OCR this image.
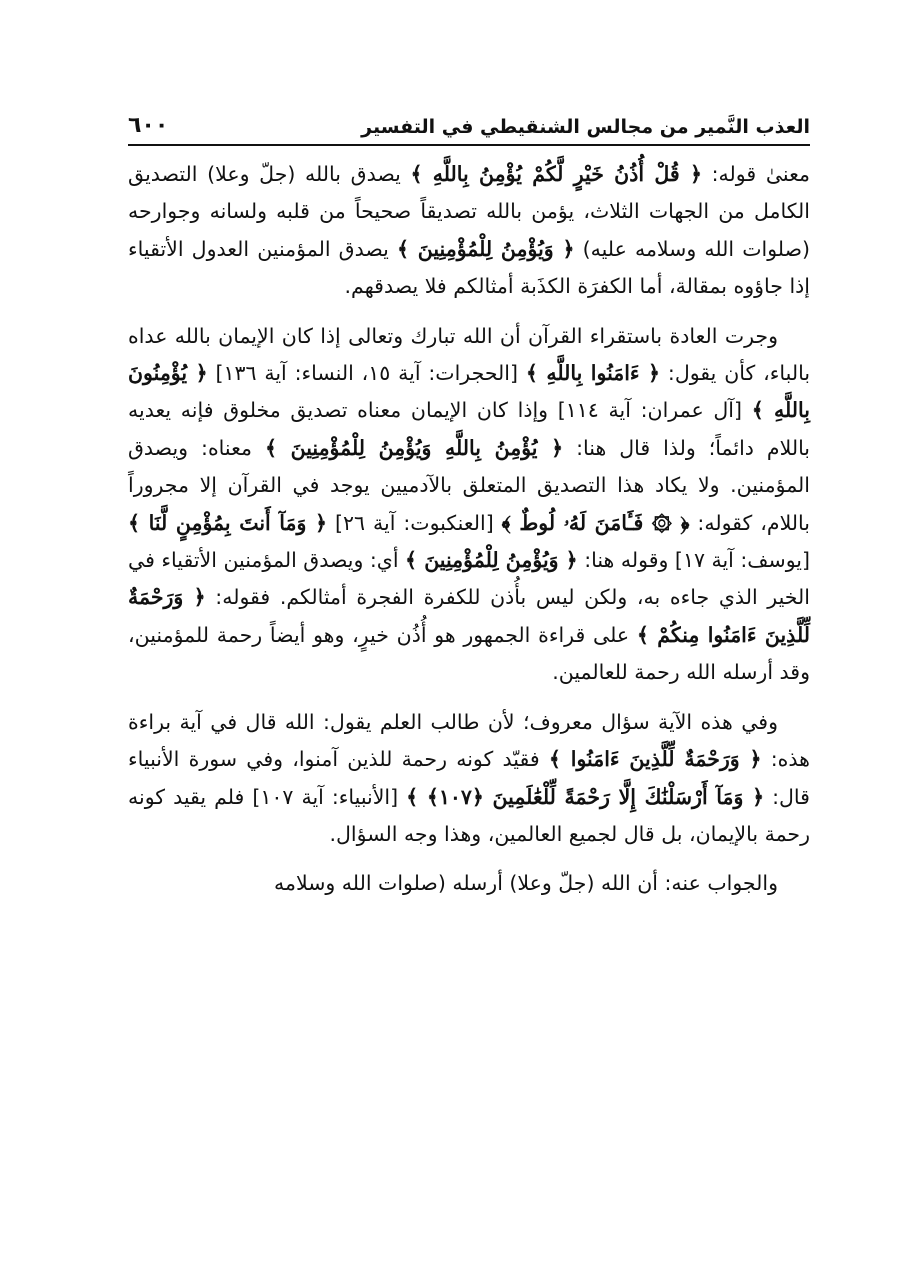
العذب النَّمير من مجالس الشنقيطي في التفسير
٦٠٠

معنىٰ قوله: ﴿ قُلْ أُذُنُ خَيْرٍ لَّكُمْ يُؤْمِنُ بِاللَّهِ ﴾ يصدق بالله (جلّ وعلا) التصديق الكامل من الجهات الثلاث، يؤمن بالله تصديقاً صحيحاً من قلبه ولسانه وجوارحه (صلوات الله وسلامه عليه) ﴿ وَيُؤْمِنُ لِلْمُؤْمِنِينَ ﴾ يصدق المؤمنين العدول الأتقياء إذا جاؤوه بمقالة، أما الكفرَة الكذَبة أمثالكم فلا يصدقهم.

وجرت العادة باستقراء القرآن أن الله تبارك وتعالى إذا كان الإيمان بالله عداه بالباء، كأن يقول: ﴿ ءَامَنُوا بِاللَّهِ ﴾ [الحجرات: آية ١٥، النساء: آية ١٣٦] ﴿ يُؤْمِنُونَ بِاللَّهِ ﴾ [آل عمران: آية ١١٤] وإذا كان الإيمان معناه تصديق مخلوق فإنه يعديه باللام دائماً؛ ولذا قال هنا: ﴿ يُؤْمِنُ بِاللَّهِ وَيُؤْمِنُ لِلْمُؤْمِنِينَ ﴾ معناه: ويصدق المؤمنين. ولا يكاد هذا التصديق المتعلق بالآدميين يوجد في القرآن إلا مجروراً باللام، كقوله: ﴿ ۞ فَـَٔامَنَ لَهُۥ لُوطٌ ﴾ [العنكبوت: آية ٢٦] ﴿ وَمَآ أَنتَ بِمُؤْمِنٍ لَّنَا ﴾ [يوسف: آية ١٧] وقوله هنا: ﴿ وَيُؤْمِنُ لِلْمُؤْمِنِينَ ﴾ أي: ويصدق المؤمنين الأتقياء في الخير الذي جاءه به، ولكن ليس بأُذن للكفرة الفجرة أمثالكم. فقوله: ﴿ وَرَحْمَةٌ لِّلَّذِينَ ءَامَنُوا مِنكُمْ ﴾ على قراءة الجمهور هو أُذُن خيرٍ، وهو أيضاً رحمة للمؤمنين، وقد أرسله الله رحمة للعالمين.

وفي هذه الآية سؤال معروف؛ لأن طالب العلم يقول: الله قال في آية براءة هذه: ﴿ وَرَحْمَةٌ لِّلَّذِينَ ءَامَنُوا ﴾ فقيّد كونه رحمة للذين آمنوا، وفي سورة الأنبياء قال: ﴿ وَمَآ أَرْسَلْنَٰكَ إِلَّا رَحْمَةً لِّلْعَٰلَمِينَ ﴿١٠٧﴾ ﴾ [الأنبياء: آية ١٠٧] فلم يقيد كونه رحمة بالإيمان، بل قال لجميع العالمين، وهذا وجه السؤال.

والجواب عنه: أن الله (جلّ وعلا) أرسله (صلوات الله وسلامه
